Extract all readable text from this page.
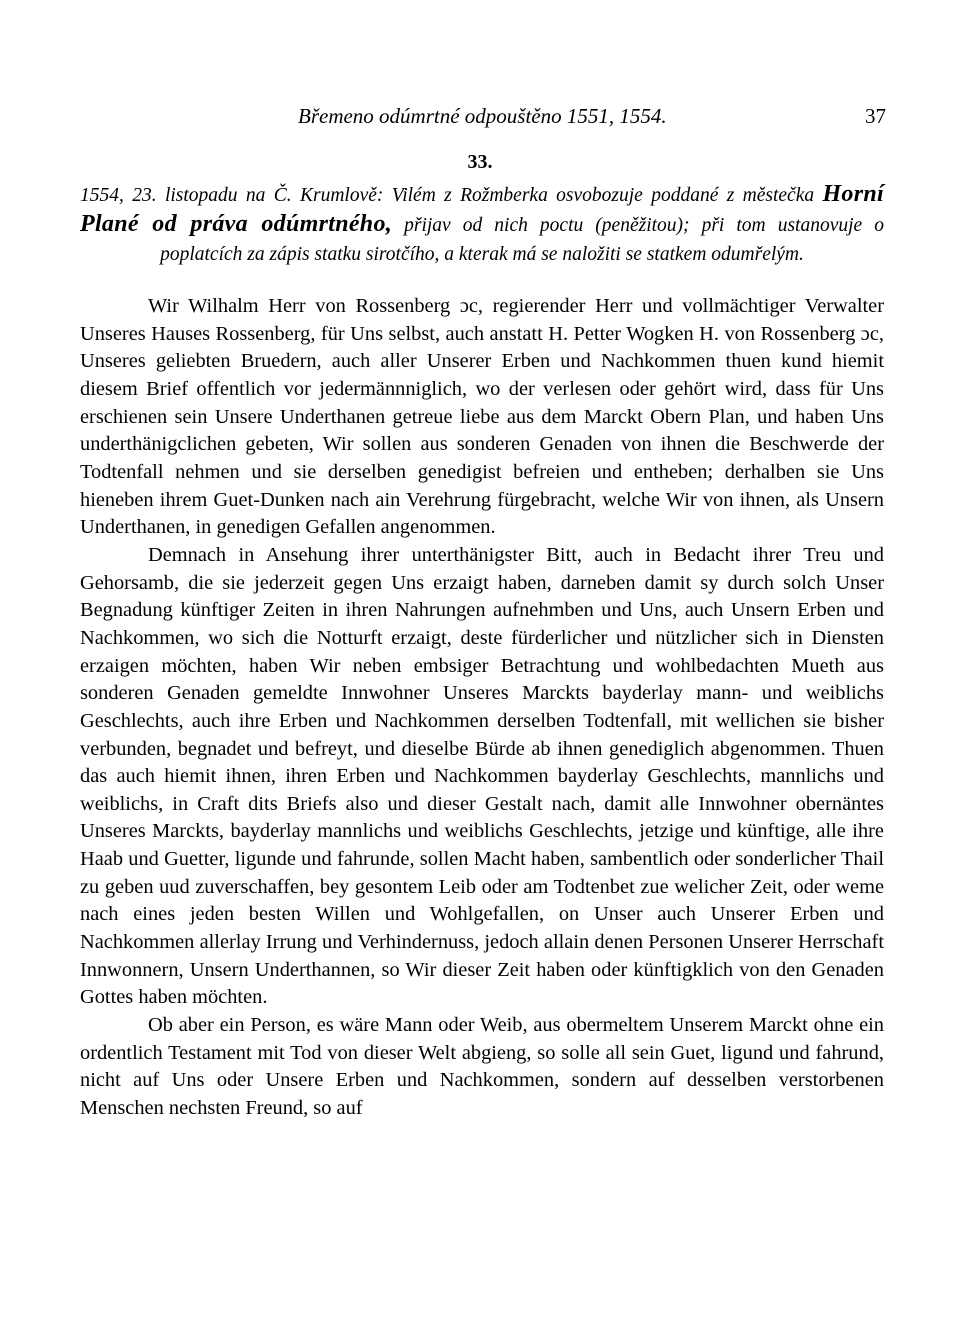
Břemeno odúmrtné odpouštěno 1551, 1554.	37
33.

1554, 23. listopadu na Č. Krumlově: Vilém z Rožmberka osvobozuje poddané z městečka Horní Plané od práva odúmrtného, přijav od nich poctu (peněžitou); při tom ustanovuje o poplatcích za zápis statku sirotčího, a kterak má se naložiti se statkem odumřelým.

Wir Wilhalm Herr von Rossenberg ɔc, regierender Herr und vollmächtiger Verwalter Unseres Hauses Rossenberg, für Uns selbst, auch anstatt H. Petter Wogken H. von Rossenberg ɔc, Unseres geliebten Bruedern, auch aller Unserer Erben und Nachkommen thuen kund hiemit diesem Brief offentlich vor jedermännniglich, wo der verlesen oder gehört wird, dass für Uns erschienen sein Unsere Underthanen getreue liebe aus dem Marckt Obern Plan, und haben Uns underthänigclichen gebeten, Wir sollen aus sonderen Genaden von ihnen die Beschwerde der Todtenfall nehmen und sie derselben genedigist befreien und entheben; derhalben sie Uns hieneben ihrem Guet-Dunken nach ain Verehrung fürgebracht, welche Wir von ihnen, als Unsern Underthanen, in genedigen Gefallen angenommen.

Demnach in Ansehung ihrer unterthänigster Bitt, auch in Bedacht ihrer Treu und Gehorsamb, die sie jederzeit gegen Uns erzaigt haben, darneben damit sy durch solch Unser Begnadung künftiger Zeiten in ihren Nahrungen aufnehmben und Uns, auch Unsern Erben und Nachkommen, wo sich die Notturft erzaigt, deste fürderlicher und nützlicher sich in Diensten erzaigen möchten, haben Wir neben embsiger Betrachtung und wohlbedachten Mueth aus sonderen Genaden gemeldte Innwohner Unseres Marckts bayderlay mann- und weiblichs Geschlechts, auch ihre Erben und Nachkommen derselben Todtenfall, mit wellichen sie bisher verbunden, begnadet und befreyt, und dieselbe Bürde ab ihnen genediglich abgenommen. Thuen das auch hiemit ihnen, ihren Erben und Nachkommen bayderlay Geschlechts, mannlichs und weiblichs, in Craft dits Briefs also und dieser Gestalt nach, damit alle Innwohner obernäntes Unseres Marckts, bayderlay mannlichs und weiblichs Geschlechts, jetzige und künftige, alle ihre Haab und Guetter, ligunde und fahrunde, sollen Macht haben, sambentlich oder sonderlicher Thail zu geben uud zuverschaffen, bey gesontem Leib oder am Todtenbet zue welicher Zeit, oder weme nach eines jeden besten Willen und Wohlgefallen, on Unser auch Unserer Erben und Nachkommen allerlay Irrung und Verhindernuss, jedoch allain denen Personen Unserer Herrschaft Innwonnern, Unsern Underthannen, so Wir dieser Zeit haben oder künftigklich von den Genaden Gottes haben möchten.

Ob aber ein Person, es wäre Mann oder Weib, aus obermeltem Unserem Marckt ohne ein ordentlich Testament mit Tod von dieser Welt abgieng, so solle all sein Guet, ligund und fahrund, nicht auf Uns oder Unsere Erben und Nachkommen, sondern auf desselben verstorbenen Menschen nechsten Freund, so auf
